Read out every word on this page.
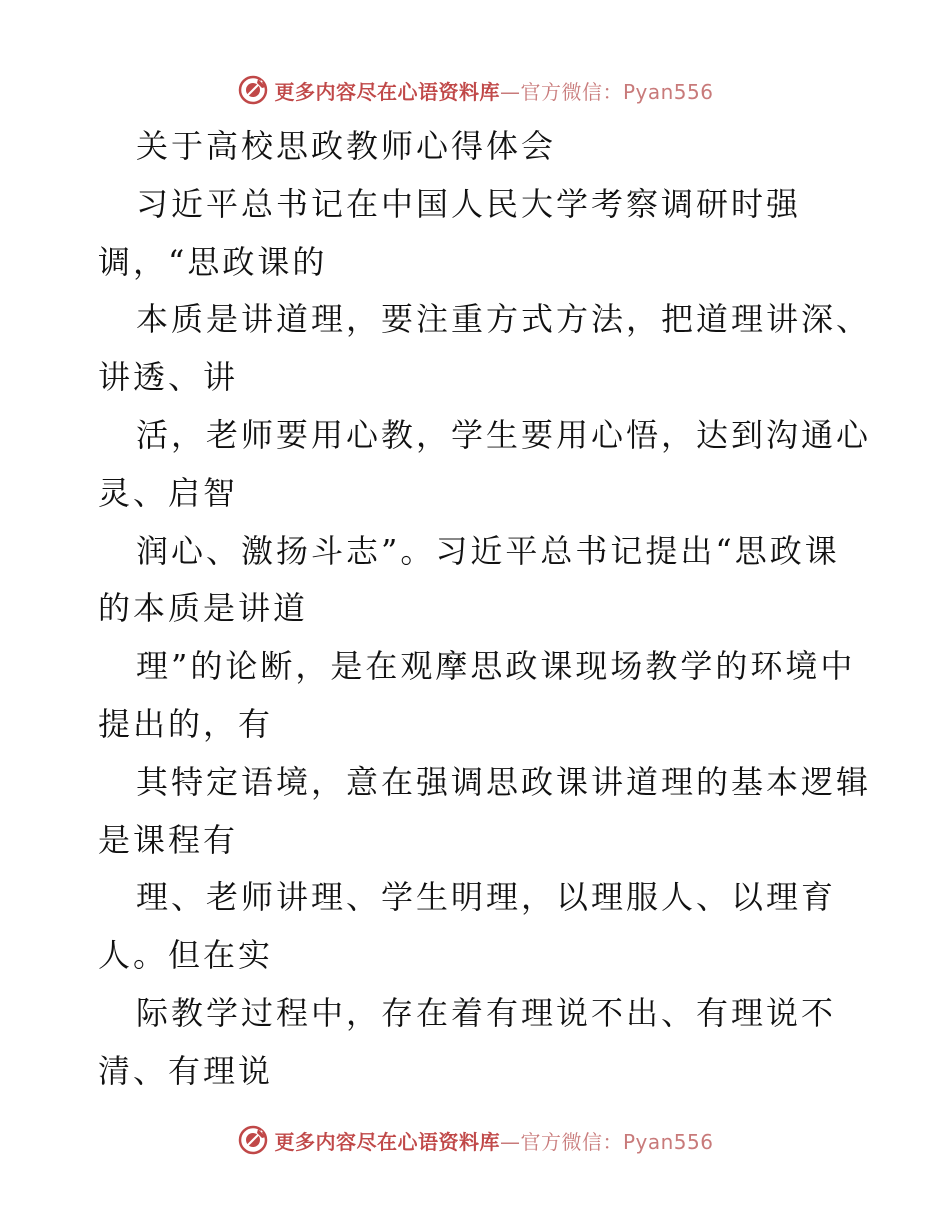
更多内容尽在心语资料库—官方微信：Pyan556
关于高校思政教师心得体会
习近平总书记在中国人民大学考察调研时强
调，“思政课的
本质是讲道理，要注重方式方法，把道理讲深、
讲透、讲
活，老师要用心教，学生要用心悟，达到沟通心
灵、启智
润心、激扬斗志”。习近平总书记提出“思政课
的本质是讲道
理”的论断，是在观摩思政课现场教学的环境中
提出的，有
其特定语境，意在强调思政课讲道理的基本逻辑
是课程有
理、老师讲理、学生明理，以理服人、以理育
人。但在实
际教学过程中，存在着有理说不出、有理说不
清、有理说
更多内容尽在心语资料库—官方微信：Pyan556
